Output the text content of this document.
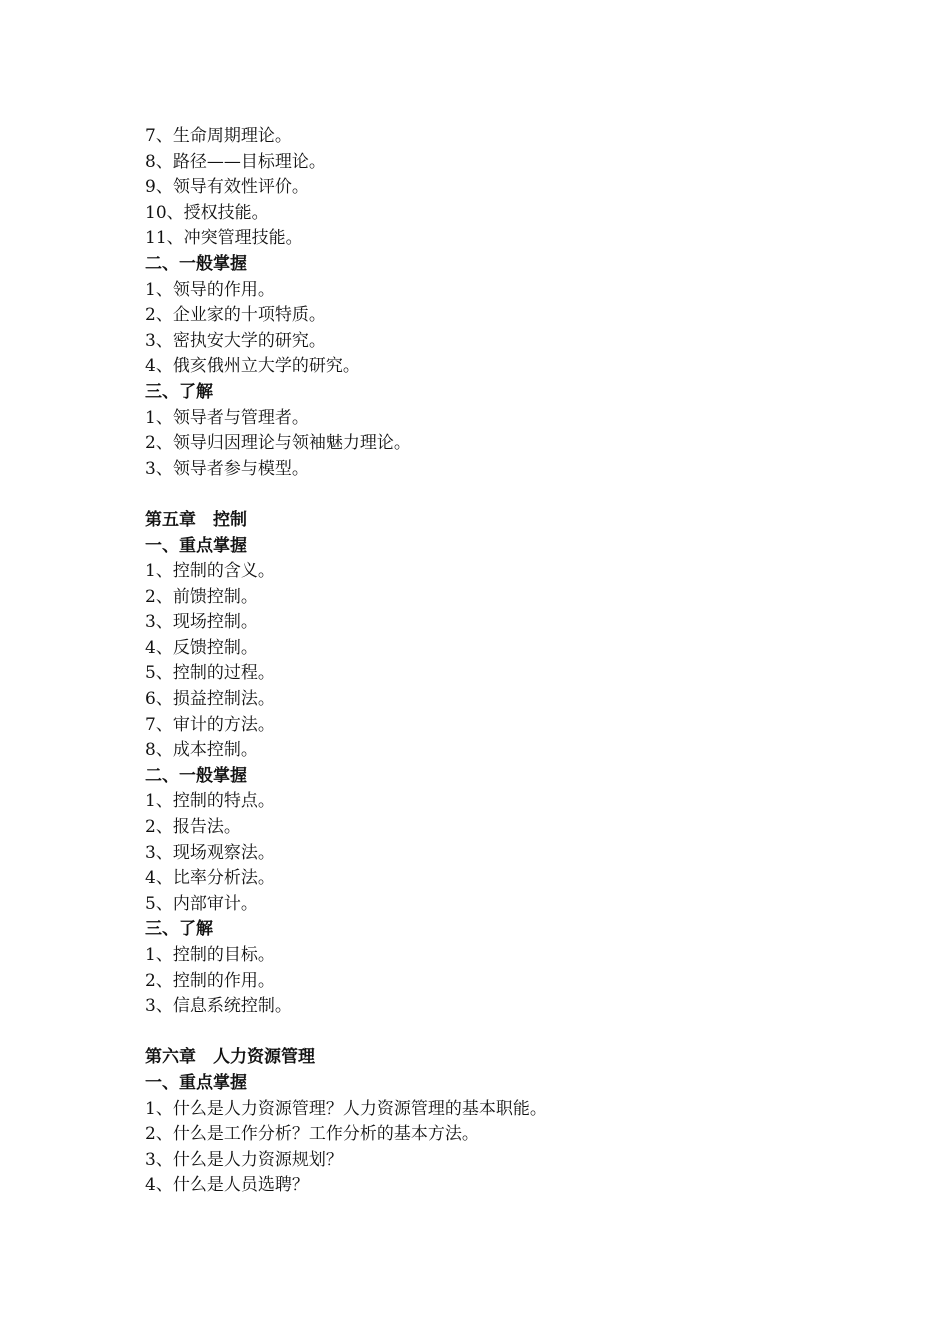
7、生命周期理论。
8、路径——目标理论。
9、领导有效性评价。
10、授权技能。
11、冲突管理技能。
二、一般掌握
1、领导的作用。
2、企业家的十项特质。
3、密执安大学的研究。
4、俄亥俄州立大学的研究。
三、了解
1、领导者与管理者。
2、领导归因理论与领袖魅力理论。
3、领导者参与模型。
第五章　控制
一、重点掌握
1、控制的含义。
2、前馈控制。
3、现场控制。
4、反馈控制。
5、控制的过程。
6、损益控制法。
7、审计的方法。
8、成本控制。
二、一般掌握
1、控制的特点。
2、报告法。
3、现场观察法。
4、比率分析法。
5、内部审计。
三、了解
1、控制的目标。
2、控制的作用。
3、信息系统控制。
第六章　人力资源管理
一、重点掌握
1、什么是人力资源管理？人力资源管理的基本职能。
2、什么是工作分析？工作分析的基本方法。
3、什么是人力资源规划？
4、什么是人员选聘？
